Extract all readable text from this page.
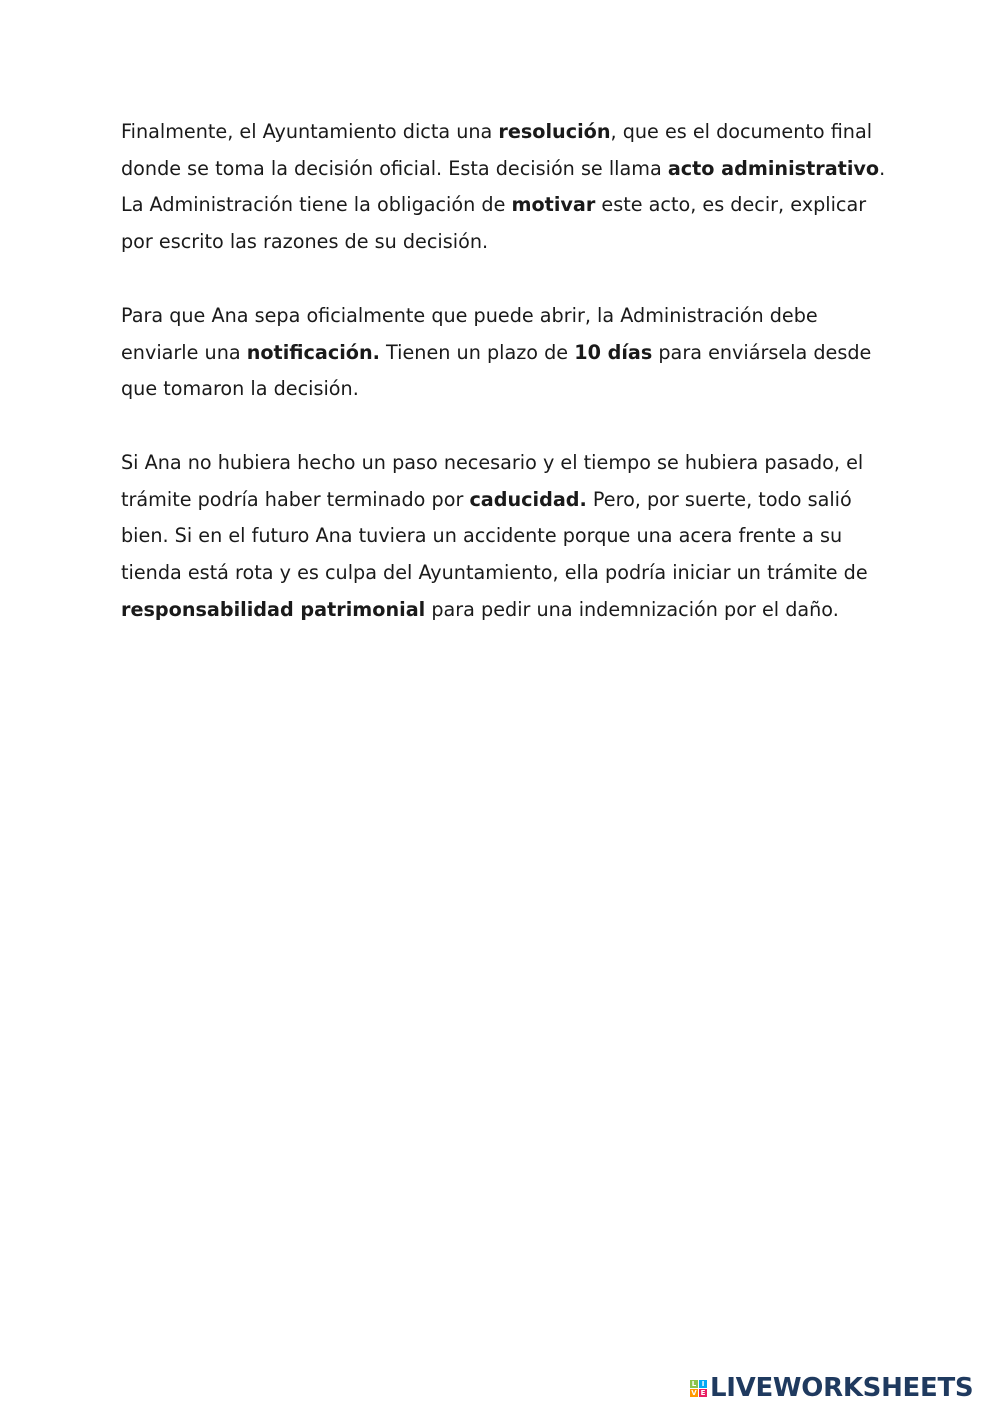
Finalmente, el Ayuntamiento dicta una resolución, que es el documento final donde se toma la decisión oficial. Esta decisión se llama acto administrativo. La Administración tiene la obligación de motivar este acto, es decir, explicar por escrito las razones de su decisión.

Para que Ana sepa oficialmente que puede abrir, la Administración debe enviarle una notificación. Tienen un plazo de 10 días para enviársela desde que tomaron la decisión.

Si Ana no hubiera hecho un paso necesario y el tiempo se hubiera pasado, el trámite podría haber terminado por caducidad. Pero, por suerte, todo salió bien. Si en el futuro Ana tuviera un accidente porque una acera frente a su tienda está rota y es culpa del Ayuntamiento, ella podría iniciar un trámite de responsabilidad patrimonial para pedir una indemnización por el daño.

L I
V E LIVEWORKSHEETS
